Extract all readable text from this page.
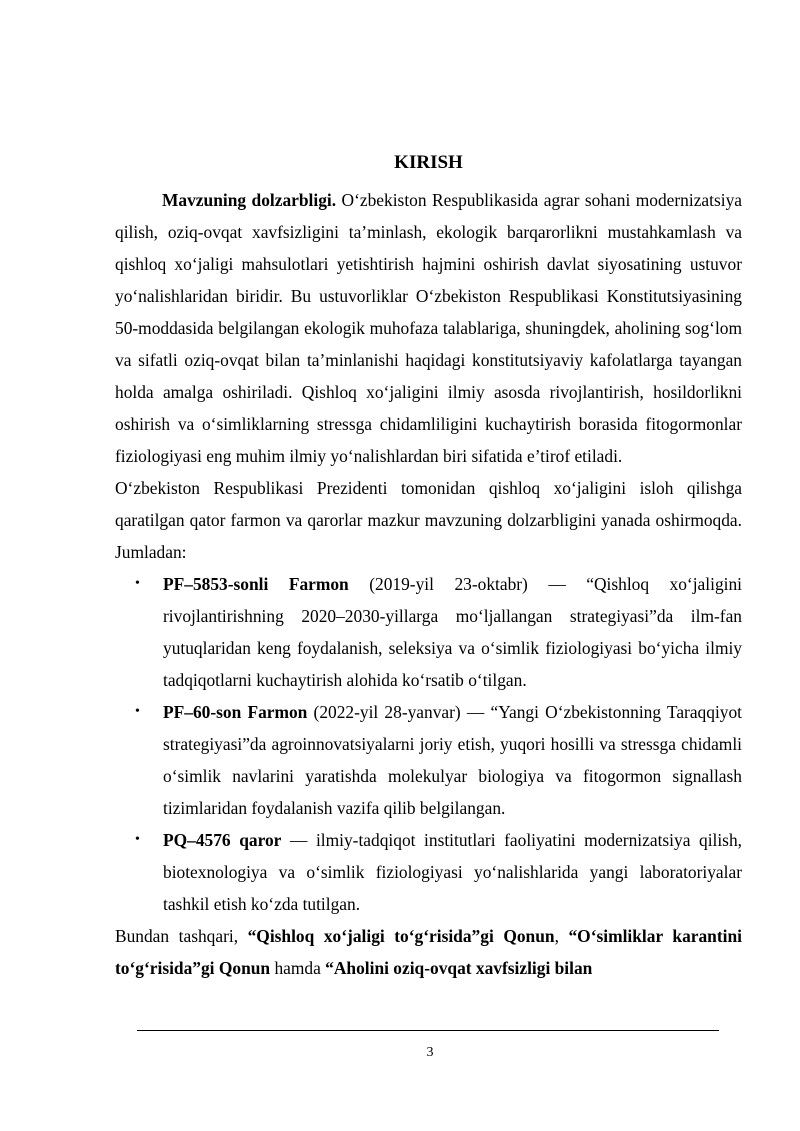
KIRISH

Mavzuning dolzarbligi. O‘zbekiston Respublikasida agrar sohani modernizatsiya qilish, oziq-ovqat xavfsizligini ta’minlash, ekologik barqarorlikni mustahkamlash va qishloq xo‘jaligi mahsulotlari yetishtirish hajmini oshirish davlat siyosatining ustuvor yo‘nalishlaridan biridir. Bu ustuvorliklar O‘zbekiston Respublikasi Konstitutsiyasining 50-moddasida belgilangan ekologik muhofaza talablariga, shuningdek, aholining sog‘lom va sifatli oziq-ovqat bilan ta’minlanishi haqidagi konstitutsiyaviy kafolatlarga tayangan holda amalga oshiriladi. Qishloq xo‘jaligini ilmiy asosda rivojlantirish, hosildorlikni oshirish va o‘simliklarning stressga chidamliligini kuchaytirish borasida fitogormonlar fiziologiyasi eng muhim ilmiy yo‘nalishlardan biri sifatida e’tirof etiladi.

O‘zbekiston Respublikasi Prezidenti tomonidan qishloq xo‘jaligini isloh qilishga qaratilgan qator farmon va qarorlar mazkur mavzuning dolzarbligini yanada oshirmoqda. Jumladan:

• PF–5853-sonli Farmon (2019-yil 23-oktabr) — “Qishloq xo‘jaligini rivojlantirishning 2020–2030-yillarga mo‘ljallangan strategiyasi”da ilm-fan yutuqlaridan keng foydalanish, seleksiya va o‘simlik fiziologiyasi bo‘yicha ilmiy tadqiqotlarni kuchaytirish alohida ko‘rsatib o‘tilgan.
• PF–60-son Farmon (2022-yil 28-yanvar) — “Yangi O‘zbekistonning Taraqqiyot strategiyasi”da agroinnovatsiyalarni joriy etish, yuqori hosilli va stressga chidamli o‘simlik navlarini yaratishda molekulyar biologiya va fitogormon signallash tizimlaridan foydalanish vazifa qilib belgilangan.
• PQ–4576 qaror — ilmiy-tadqiqot institutlari faoliyatini modernizatsiya qilish, biotexnologiya va o‘simlik fiziologiyasi yo‘nalishlarida yangi laboratoriyalar tashkil etish ko‘zda tutilgan.

Bundan tashqari, “Qishloq xo‘jaligi to‘g‘risida”gi Qonun, “O‘simliklar karantini to‘g‘risida”gi Qonun hamda “Aholini oziq-ovqat xavfsizligi bilan

3
